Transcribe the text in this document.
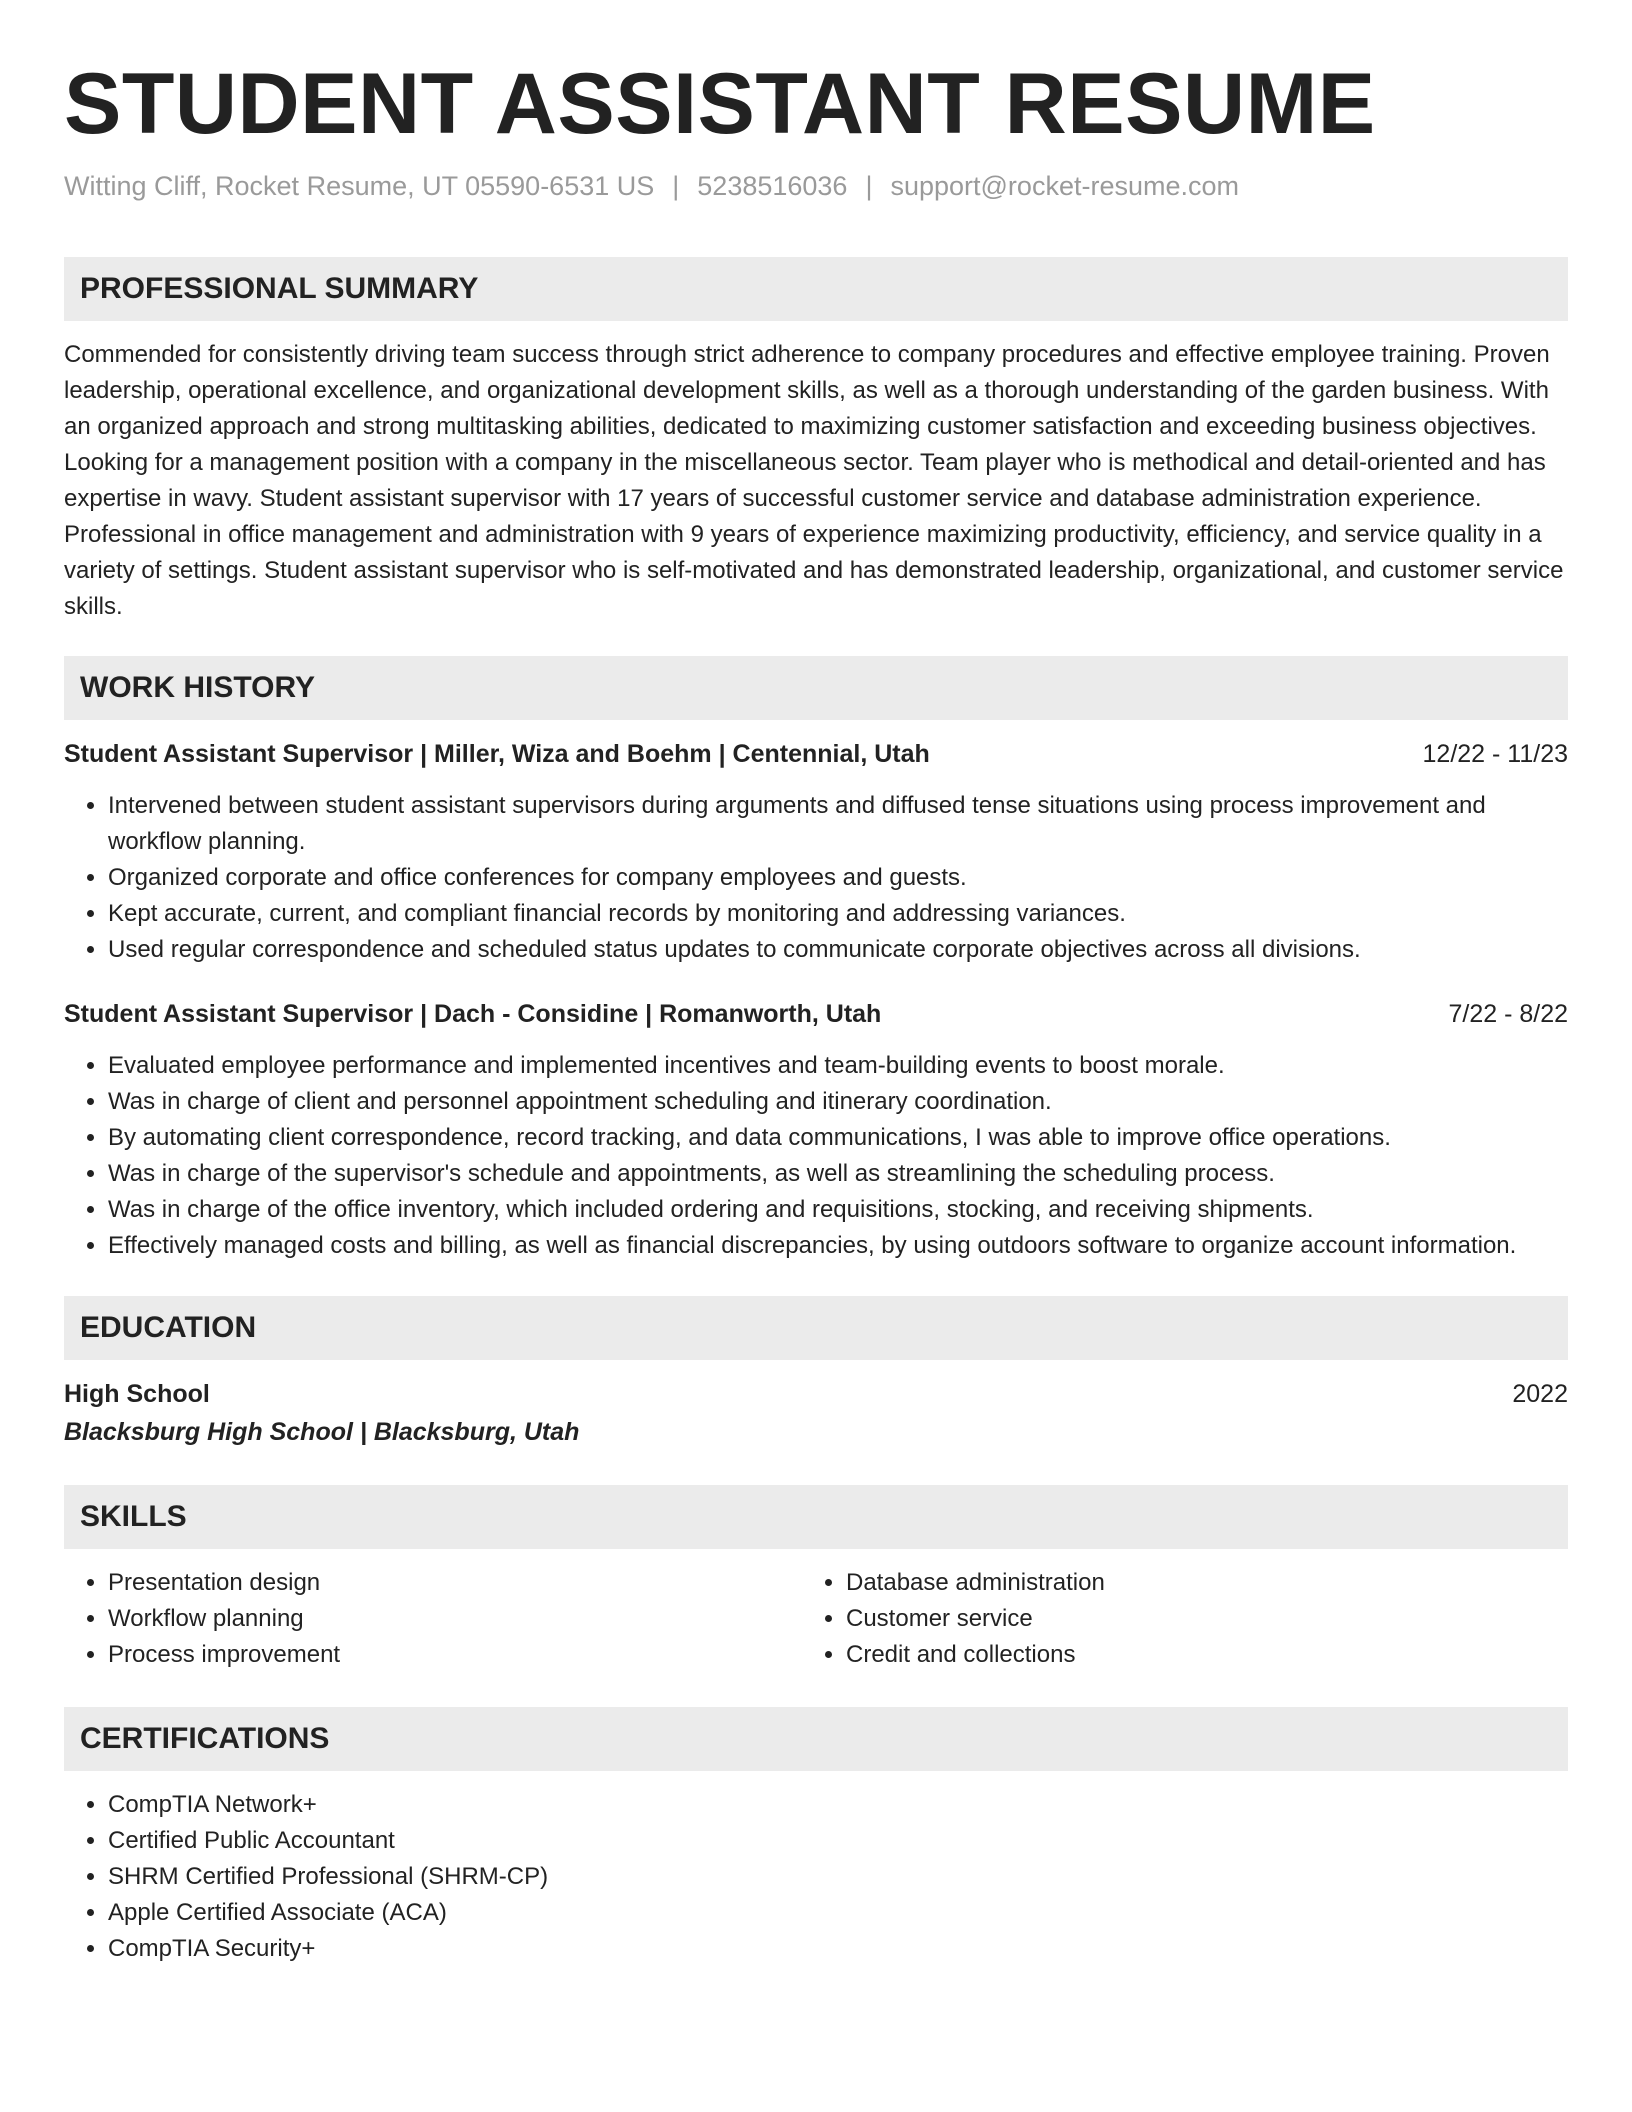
STUDENT ASSISTANT RESUME
Witting Cliff, Rocket Resume, UT 05590-6531 US | 5238516036 | support@rocket-resume.com
PROFESSIONAL SUMMARY
Commended for consistently driving team success through strict adherence to company procedures and effective employee training. Proven leadership, operational excellence, and organizational development skills, as well as a thorough understanding of the garden business. With an organized approach and strong multitasking abilities, dedicated to maximizing customer satisfaction and exceeding business objectives. Looking for a management position with a company in the miscellaneous sector. Team player who is methodical and detail-oriented and has expertise in wavy. Student assistant supervisor with 17 years of successful customer service and database administration experience. Professional in office management and administration with 9 years of experience maximizing productivity, efficiency, and service quality in a variety of settings. Student assistant supervisor who is self-motivated and has demonstrated leadership, organizational, and customer service skills.
WORK HISTORY
Student Assistant Supervisor | Miller, Wiza and Boehm | Centennial, Utah	12/22 - 11/23
• Intervened between student assistant supervisors during arguments and diffused tense situations using process improvement and workflow planning.
• Organized corporate and office conferences for company employees and guests.
• Kept accurate, current, and compliant financial records by monitoring and addressing variances.
• Used regular correspondence and scheduled status updates to communicate corporate objectives across all divisions.
Student Assistant Supervisor | Dach - Considine | Romanworth, Utah	7/22 - 8/22
• Evaluated employee performance and implemented incentives and team-building events to boost morale.
• Was in charge of client and personnel appointment scheduling and itinerary coordination.
• By automating client correspondence, record tracking, and data communications, I was able to improve office operations.
• Was in charge of the supervisor's schedule and appointments, as well as streamlining the scheduling process.
• Was in charge of the office inventory, which included ordering and requisitions, stocking, and receiving shipments.
• Effectively managed costs and billing, as well as financial discrepancies, by using outdoors software to organize account information.
EDUCATION
High School	2022
Blacksburg High School | Blacksburg, Utah
SKILLS
• Presentation design
• Workflow planning
• Process improvement
• Database administration
• Customer service
• Credit and collections
CERTIFICATIONS
• CompTIA Network+
• Certified Public Accountant
• SHRM Certified Professional (SHRM-CP)
• Apple Certified Associate (ACA)
• CompTIA Security+
